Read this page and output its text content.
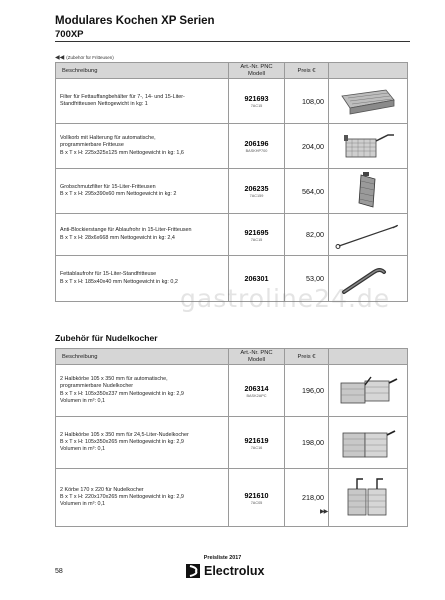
Modulares Kochen XP Serien
700XP
◀◀ (Zubehör für Fritteusen)
Beschreibung	Art.-Nr. PNC
Modell	Preis €	

Filter für Fettauffangbehälter für 7-, 14- und 15-Liter-
Standfritteusen Nettogewicht in kg: 1	921693
7AC15	108,00	

Vollkorb mit Halterung für automatische,
programmierbare Fritteuse
B x T x H: 225x325x125 mm Nettogewicht in kg: 1,6	206196
BASKHP700	204,00	

Grobschmutzfilter für 15-Liter-Fritteusen
B x T x H: 295x390x60 mm Nettogewicht in kg: 2	206235
7AC159	564,00	

Anti-Blockierstange für Ablaufrohr in 15-Liter-Fritteusen
B x T x H: 28x6x668 mm Nettogewicht in kg: 2,4	921695
7AC15	82,00	

Fettablaufrohr für 15-Liter-Standfritteuse
B x T x H: 185x40x40 mm Nettogewicht in kg: 0,2	206301	53,00	
gastroline24.de
Zubehör für Nudelkocher
Beschreibung	Art.-Nr. PNC
Modell	Preis €	

2 Halbkörbe 105 x 350 mm für automatische,
programmierbare Nudelkocher
B x T x H: 105x350x237 mm Nettogewicht in kg: 2,9
Volumen in m³: 0,1	206314
BASK2APC	196,00	

2 Halbkörbe 105 x 350 mm für 24,5-Liter-Nudelkocher
B x T x H: 105x350x265 mm Nettogewicht in kg: 2,9
Volumen in m³: 0,1	921619
7AC16	198,00	

2 Körbe 170 x 220 für Nudelkocher
B x T x H: 220x170x265 mm Nettogewicht in kg: 2,9
Volumen in m³: 0,1	921610
7AC05	218,00	
▶▶
Preisliste 2017
58	Electrolux
